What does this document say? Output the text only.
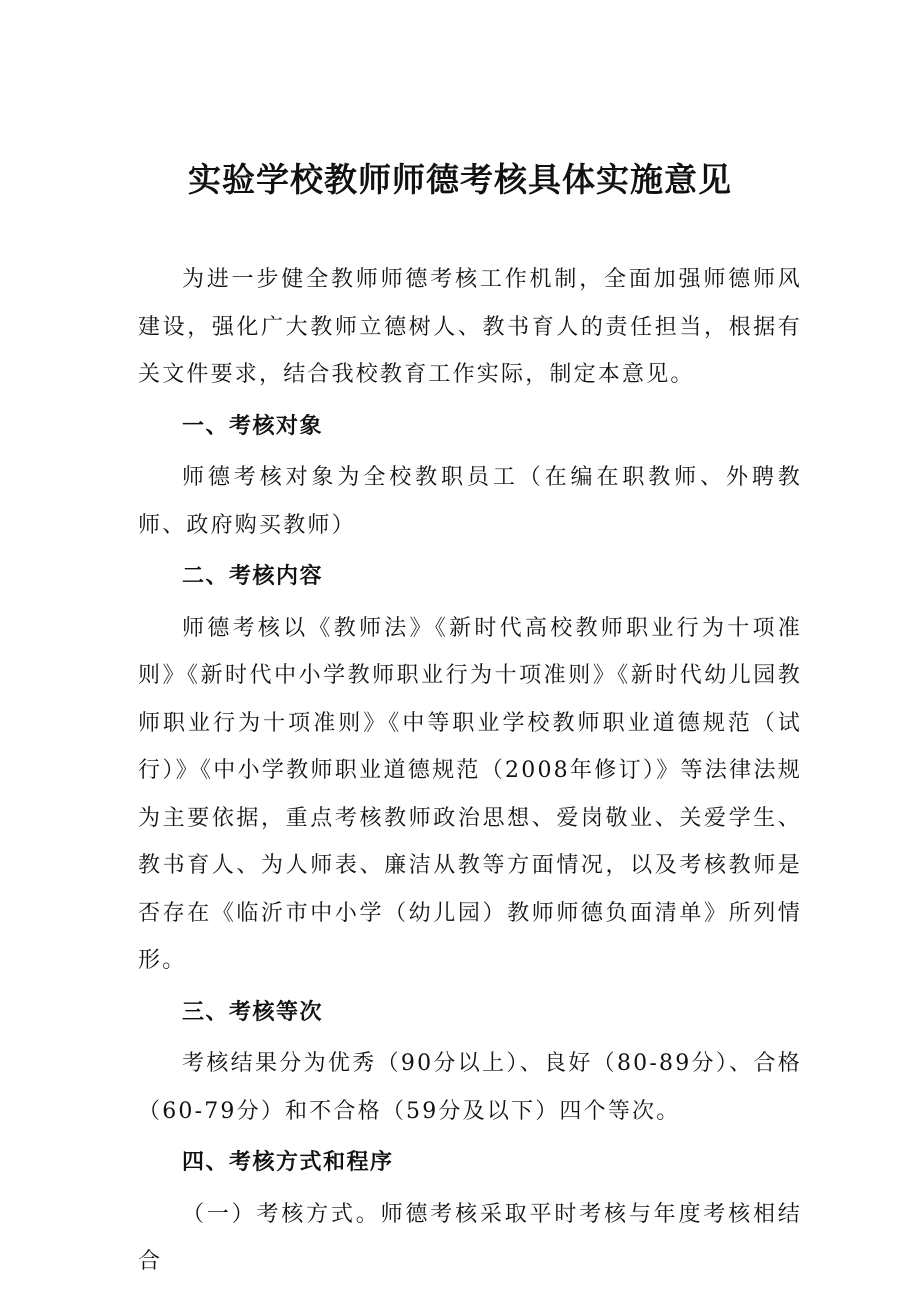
实验学校教师师德考核具体实施意见

为进一步健全教师师德考核工作机制，全面加强师德师风建设，强化广大教师立德树人、教书育人的责任担当，根据有关文件要求，结合我校教育工作实际，制定本意见。

一、考核对象

师德考核对象为全校教职员工（在编在职教师、外聘教师、政府购买教师）

二、考核内容

师德考核以《教师法》《新时代高校教师职业行为十项准则》《新时代中小学教师职业行为十项准则》《新时代幼儿园教师职业行为十项准则》《中等职业学校教师职业道德规范（试行）》《中小学教师职业道德规范（2008年修订）》等法律法规为主要依据，重点考核教师政治思想、爱岗敬业、关爱学生、教书育人、为人师表、廉洁从教等方面情况，以及考核教师是否存在《临沂市中小学（幼儿园）教师师德负面清单》所列情形。

三、考核等次

考核结果分为优秀（90分以上）、良好（80-89分）、合格（60-79分）和不合格（59分及以下）四个等次。

四、考核方式和程序

（一）考核方式。师德考核采取平时考核与年度考核相结合
